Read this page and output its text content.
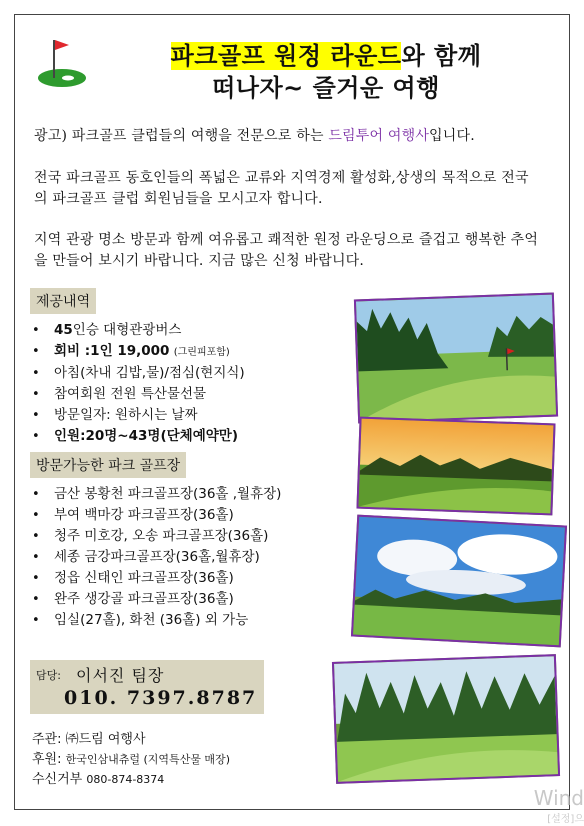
파크골프 원정 라운드와 함께
떠나자~ 즐거운 여행
광고) 파크골프 클럽들의 여행을 전문으로 하는 드림투어 여행사입니다.
전국 파크골프 동호인들의 폭넓은 교류와 지역경제 활성화,상생의 목적으로 전국의 파크골프 클럽 회원님들을 모시고자 합니다.
지역 관광 명소 방문과 함께 여유롭고 쾌적한 원정 라운딩으로 즐겁고 행복한 추억을 만들어 보시기 바랍니다. 지금 많은 신청 바랍니다.
제공내역
• 45인승 대형관광버스
• 회비 :1인 19,000 (그린피포함)
• 아침(차내 김밥,물)/점심(현지식)
• 참여회원 전원 특산물선물
• 방문일자: 원하시는 날짜
• 인원:20명~43명(단체예약만)
방문가능한 파크 골프장
• 금산 봉황천 파크골프장(36홀 ,월휴장)
• 부여 백마강 파크골프장(36홀)
• 청주 미호강, 오송 파크골프장(36홀)
• 세종 금강파크골프장(36홀,월휴장)
• 정읍 신태인 파크골프장(36홀)
• 완주 생강골 파크골프장(36홀)
• 임실(27홀), 화천 (36홀) 외 가능
담당: 이서진 팀장
010. 7397.8787
주관: ㈜드림 여행사
후원: 한국인삼내츄럴 (지역특산물 매장)
수신거부 080-874-8374
Wind
[설정]으
